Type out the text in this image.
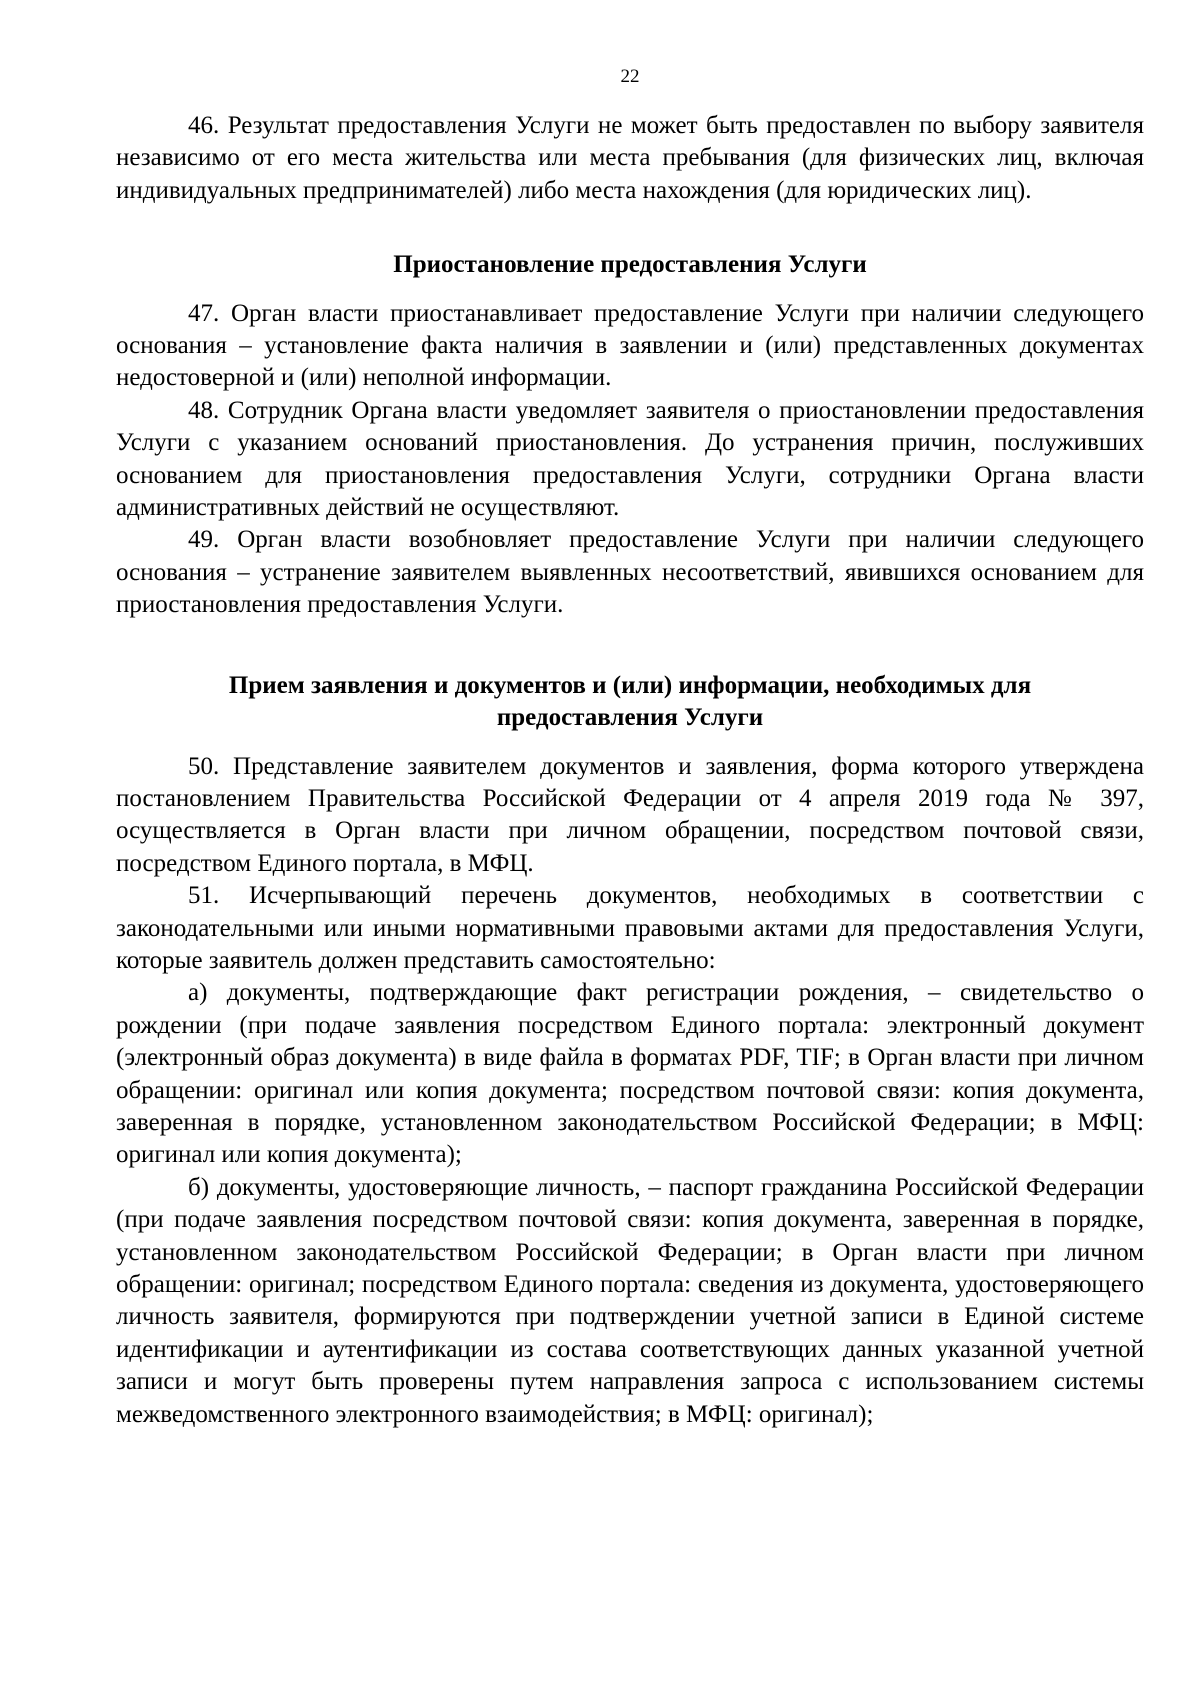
22

46. Результат предоставления Услуги не может быть предоставлен по выбору заявителя независимо от его места жительства или места пребывания (для физических лиц, включая индивидуальных предпринимателей) либо места нахождения (для юридических лиц).

Приостановление предоставления Услуги

47. Орган власти приостанавливает предоставление Услуги при наличии следующего основания – установление факта наличия в заявлении и (или) представленных документах недостоверной и (или) неполной информации.

48. Сотрудник Органа власти уведомляет заявителя о приостановлении предоставления Услуги с указанием оснований приостановления. До устранения причин, послуживших основанием для приостановления предоставления Услуги, сотрудники Органа власти административных действий не осуществляют.

49. Орган власти возобновляет предоставление Услуги при наличии следующего основания – устранение заявителем выявленных несоответствий, явившихся основанием для приостановления предоставления Услуги.

Прием заявления и документов и (или) информации, необходимых для

предоставления Услуги

50. Представление заявителем документов и заявления, форма которого утверждена постановлением Правительства Российской Федерации от 4 апреля 2019 года № 397, осуществляется в Орган власти при личном обращении, посредством почтовой связи, посредством Единого портала, в МФЦ.

51. Исчерпывающий перечень документов, необходимых в соответствии с законодательными или иными нормативными правовыми актами для предоставления Услуги, которые заявитель должен представить самостоятельно:

а) документы, подтверждающие факт регистрации рождения, – свидетельство о рождении (при подаче заявления посредством Единого портала: электронный документ (электронный образ документа) в виде файла в форматах PDF, TIF; в Орган власти при личном обращении: оригинал или копия документа; посредством почтовой связи: копия документа, заверенная в порядке, установленном законодательством Российской Федерации; в МФЦ: оригинал или копия документа);

б) документы, удостоверяющие личность, – паспорт гражданина Российской Федерации (при подаче заявления посредством почтовой связи: копия документа, заверенная в порядке, установленном законодательством Российской Федерации; в Орган власти при личном обращении: оригинал; посредством Единого портала: сведения из документа, удостоверяющего личность заявителя, формируются при подтверждении учетной записи в Единой системе идентификации и аутентификации из состава соответствующих данных указанной учетной записи и могут быть проверены путем направления запроса с использованием системы межведомственного электронного взаимодействия; в МФЦ: оригинал);
